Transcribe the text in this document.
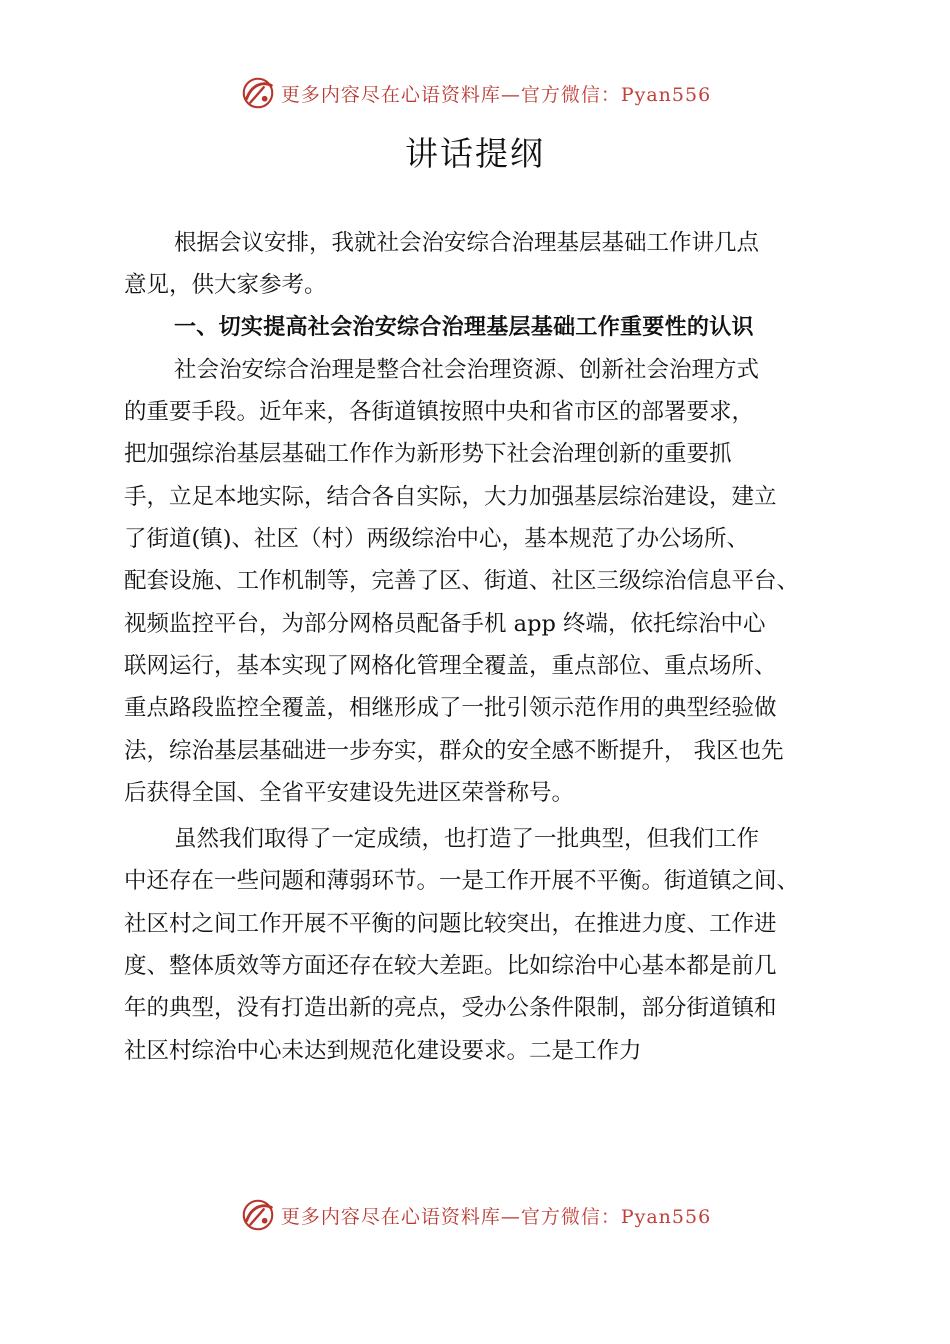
更多内容尽在心语资料库—官方微信：Pyan556
讲话提纲
根据会议安排，我就社会治安综合治理基层基础工作讲几点
意见，供大家参考。
一、切实提高社会治安综合治理基层基础工作重要性的认识
社会治安综合治理是整合社会治理资源、创新社会治理方式
的重要手段。近年来，各街道镇按照中央和省市区的部署要求，
把加强综治基层基础工作作为新形势下社会治理创新的重要抓
手，立足本地实际，结合各自实际，大力加强基层综治建设，建立
了街道(镇)、社区（村）两级综治中心，基本规范了办公场所、
配套设施、工作机制等，完善了区、街道、社区三级综治信息平台、
视频监控平台，为部分网格员配备手机 app 终端，依托综治中心
联网运行，基本实现了网格化管理全覆盖，重点部位、重点场所、
重点路段监控全覆盖，相继形成了一批引领示范作用的典型经验做
法，综治基层基础进一步夯实，群众的安全感不断提升， 我区也先
后获得全国、全省平安建设先进区荣誉称号。
虽然我们取得了一定成绩，也打造了一批典型，但我们工作
中还存在一些问题和薄弱环节。一是工作开展不平衡。街道镇之间、
社区村之间工作开展不平衡的问题比较突出，在推进力度、工作进
度、整体质效等方面还存在较大差距。比如综治中心基本都是前几
年的典型，没有打造出新的亮点，受办公条件限制，部分街道镇和
社区村综治中心未达到规范化建设要求。二是工作力
更多内容尽在心语资料库—官方微信：Pyan556
